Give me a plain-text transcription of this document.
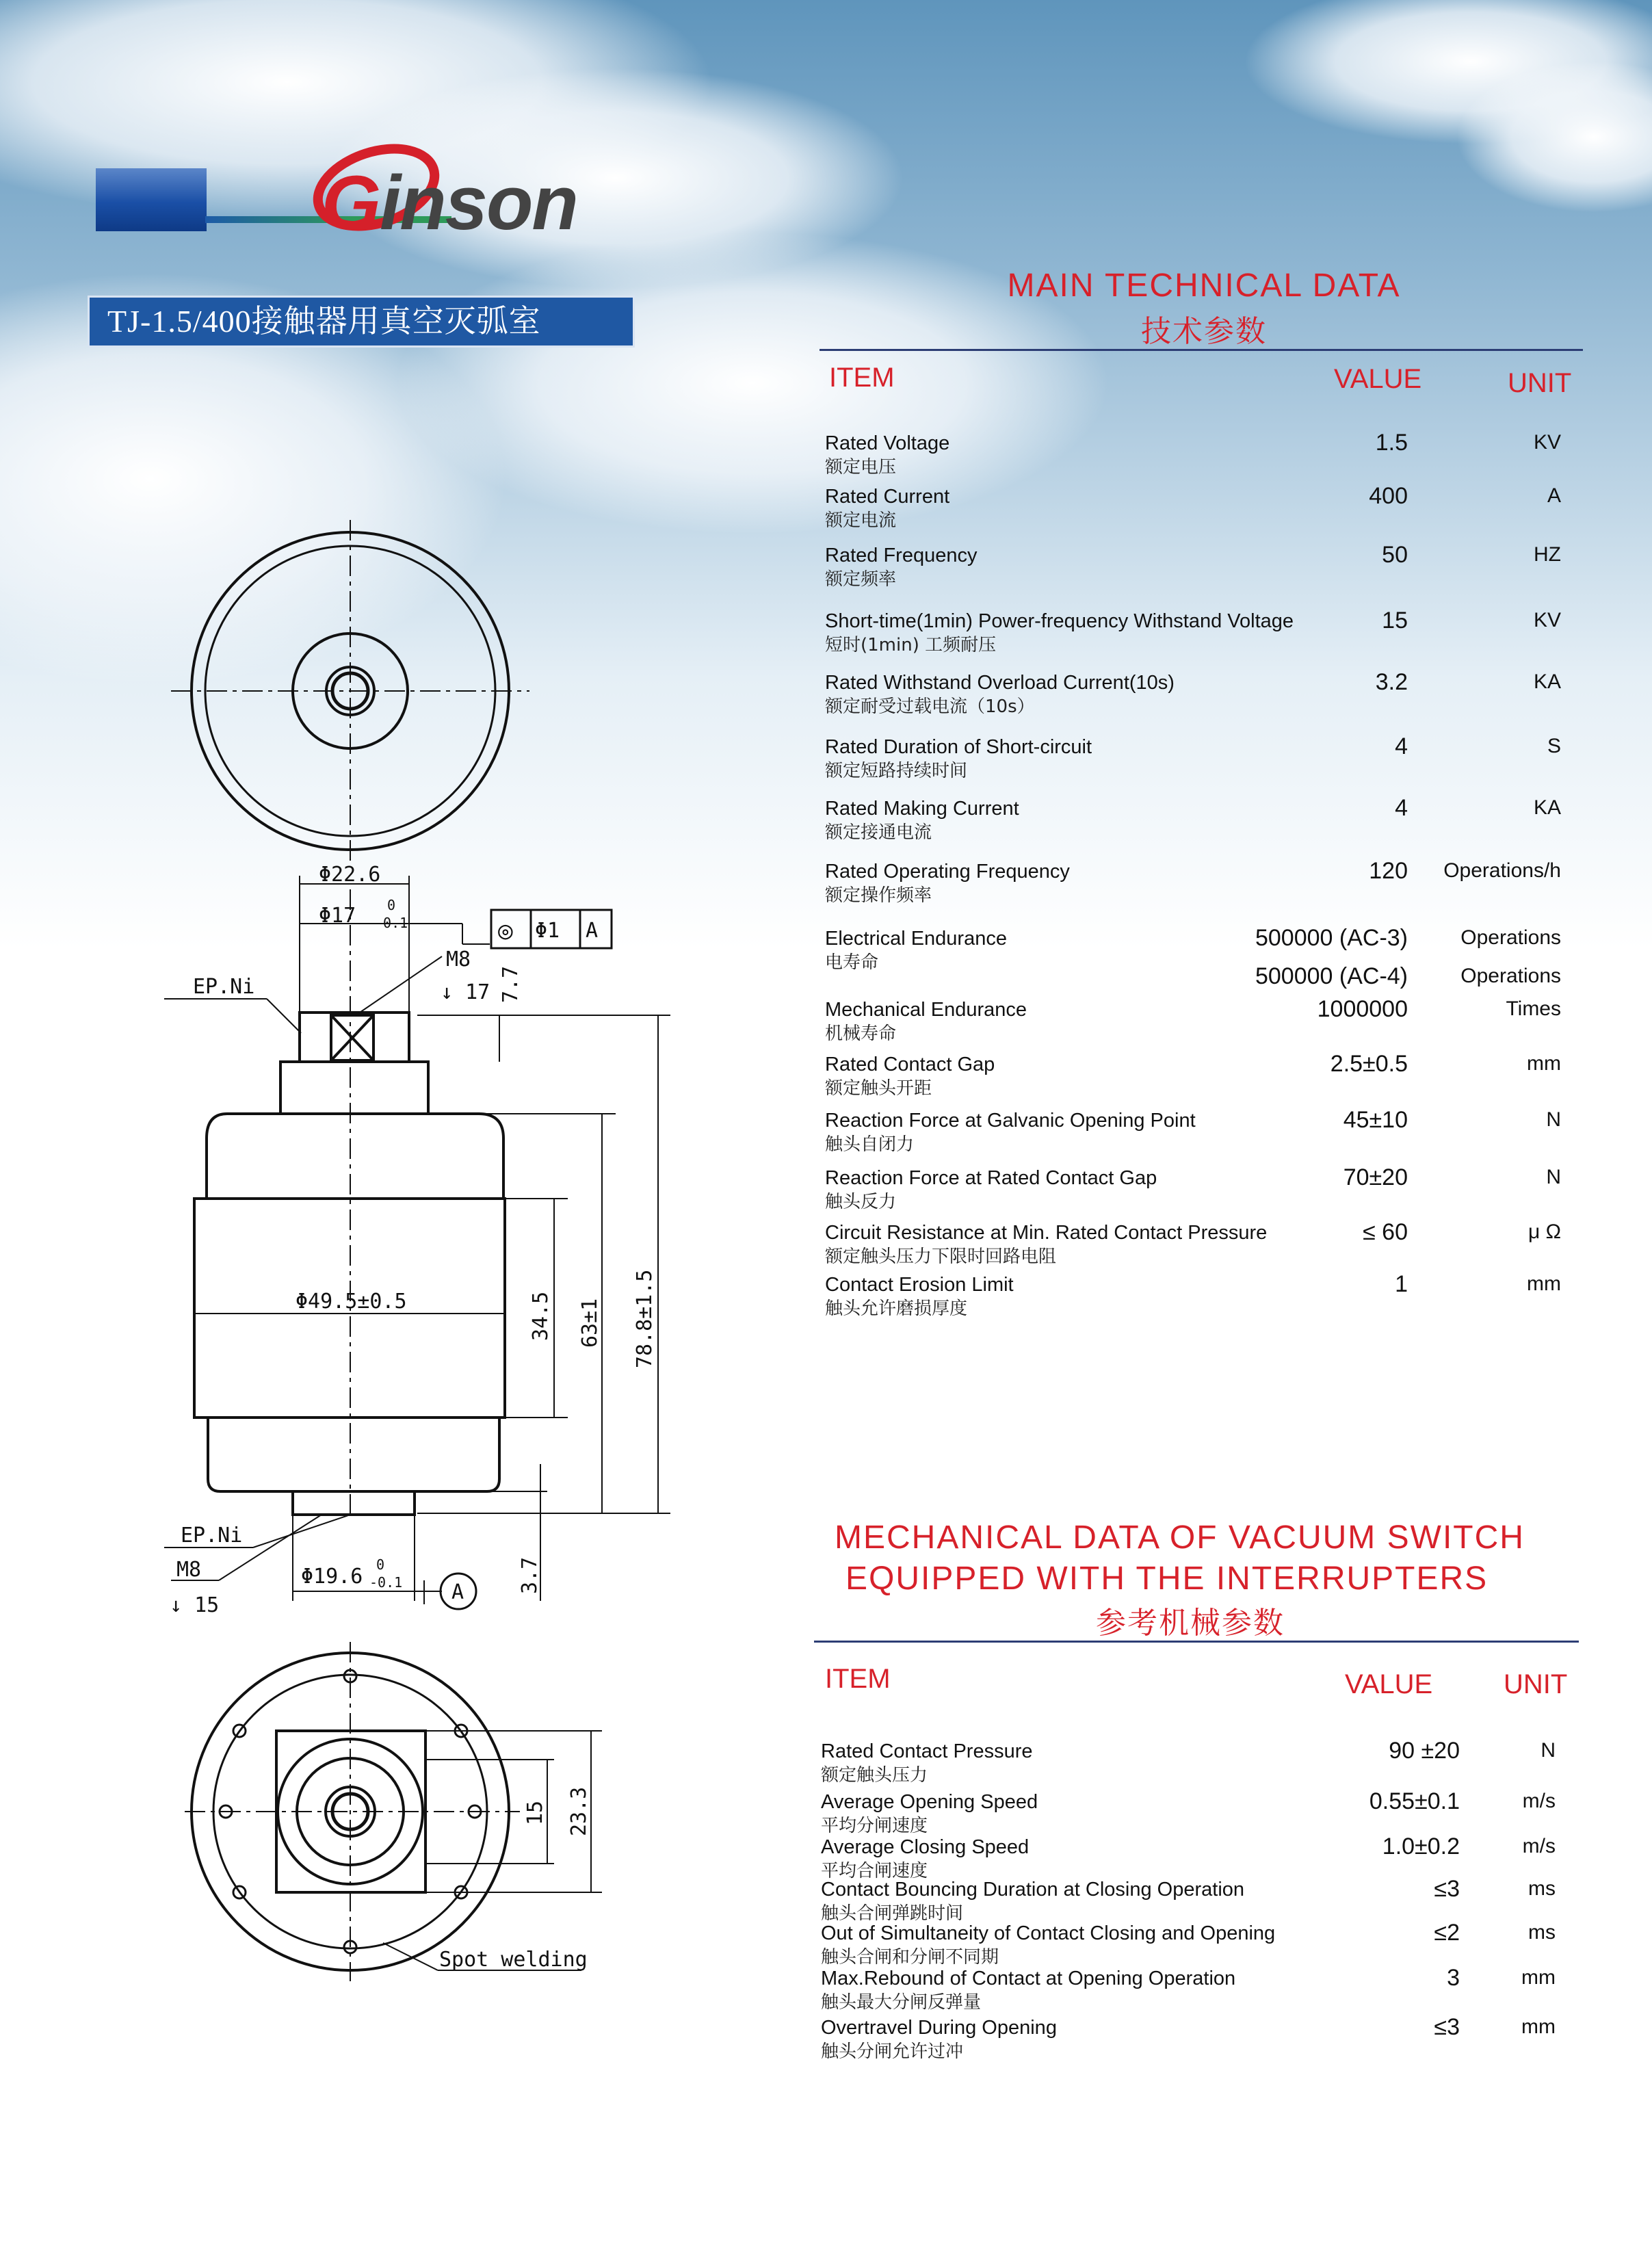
Ginson
TJ-1.5/400接触器用真空灭弧室
MAIN TECHNICAL DATA
技术参数
ITEM	VALUE	UNIT
Rated Voltage
额定电压
1.5	KV
Rated Current
额定电流
400	A
Rated Frequency
额定频率
50	HZ
Short-time(1min) Power-frequency Withstand Voltage
短时(1min) 工频耐压
15	KV
Rated Withstand Overload Current(10s)
额定耐受过载电流（10s）
3.2	KA
Rated Duration of Short-circuit
额定短路持续时间
4	S
Rated Making Current
额定接通电流
4	KA
Rated Operating Frequency
额定操作频率
120 Operations/h
Electrical Endurance
电寿命
500000 (AC-3)	Operations
500000 (AC-4)	Operations
Mechanical Endurance
机械寿命
1000000	Times
Rated Contact Gap
额定触头开距
2.5±0.5	mm
Reaction Force at Galvanic Opening Point
触头自闭力
45±10	N
Reaction Force at Rated Contact Gap
触头反力
70±20	N
Circuit Resistance at Min. Rated Contact Pressure
额定触头压力下限时回路电阻
≤ 60	μ Ω
Contact Erosion Limit
触头允许磨损厚度
1	mm
MECHANICAL DATA OF VACUUM SWITCH
EQUIPPED WITH THE INTERRUPTERS
参考机械参数
ITEM	VALUE	UNIT
Rated Contact Pressure
额定触头压力
90 ±20	N
Average Opening Speed
平均分闸速度
0.55±0.1	m/s
Average Closing Speed
平均合闸速度
1.0±0.2	m/s
Contact Bouncing Duration at Closing Operation
触头合闸弹跳时间
≤3	ms
Out of Simultaneity of Contact Closing and Opening
触头合闸和分闸不同期
≤2	ms
Max.Rebound of Contact at Opening Operation
触头最大分闸反弹量
3	mm
Overtravel During Opening
触头分闸允许过冲
≤3	mm
Φ22.6
Φ17 0
-0.1	◎ Φ1 A
M8
↓ 17
EP.Ni
Φ49.5±0.5
7.7
34.5 63±1 78.8±1.5
EP.Ni
M8
↓ 15
Φ19.6 0
-0.1 A	3.7
15 23.3
Spot welding
